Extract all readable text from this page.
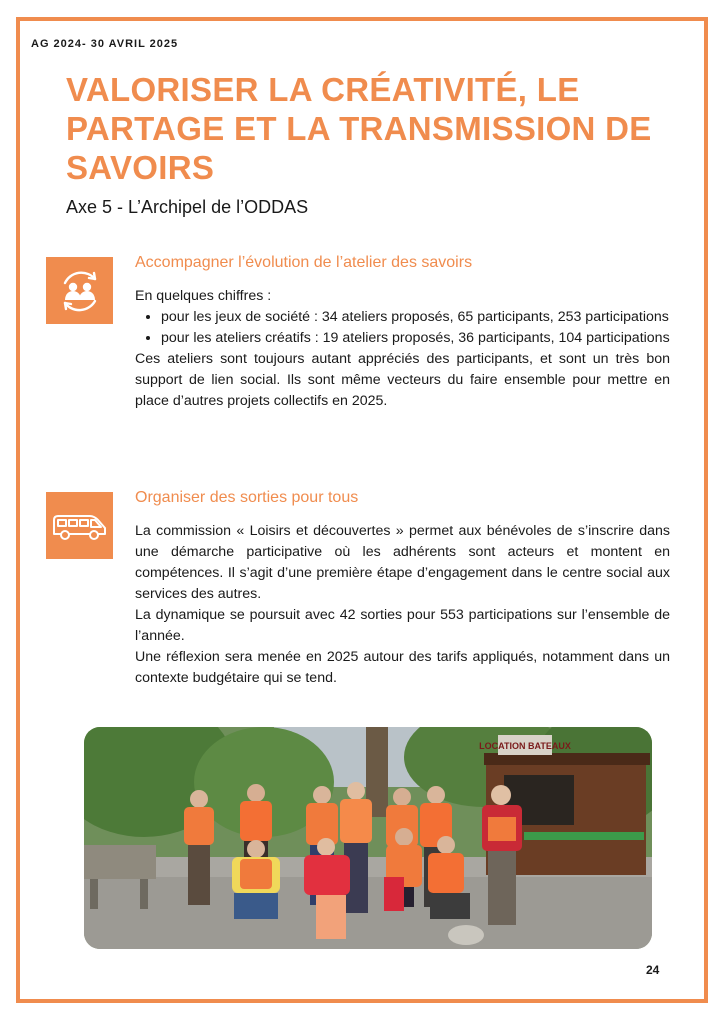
AG 2024- 30 AVRIL 2025
VALORISER LA CRÉATIVITÉ, LE PARTAGE ET LA TRANSMISSION DE SAVOIRS
Axe 5 - L’Archipel de l’ODDAS
Accompagner l’évolution de l’atelier des savoirs

En quelques chiffres :

• pour les jeux de société : 34 ateliers proposés, 65 participants, 253 participations
• pour les ateliers créatifs : 19 ateliers proposés, 36 participants, 104 participations

Ces ateliers sont toujours autant appréciés des participants, et sont un très bon support de lien social. Ils sont même vecteurs du faire ensemble pour mettre en place d’autres projets collectifs en 2025.

Organiser des sorties pour tous

La commission « Loisirs et découvertes » permet aux bénévoles de s’inscrire dans une démarche participative où les adhérents sont acteurs et montent en compétences. Il s’agit d’une première étape d’engagement dans le centre social aux services des autres.

La dynamique se poursuit avec 42 sorties pour 553 participations sur l’ensemble de l’année.

Une réflexion sera menée en 2025 autour des tarifs appliqués, notamment dans un contexte budgétaire qui se tend.

LOCATION BATEAUX
24
